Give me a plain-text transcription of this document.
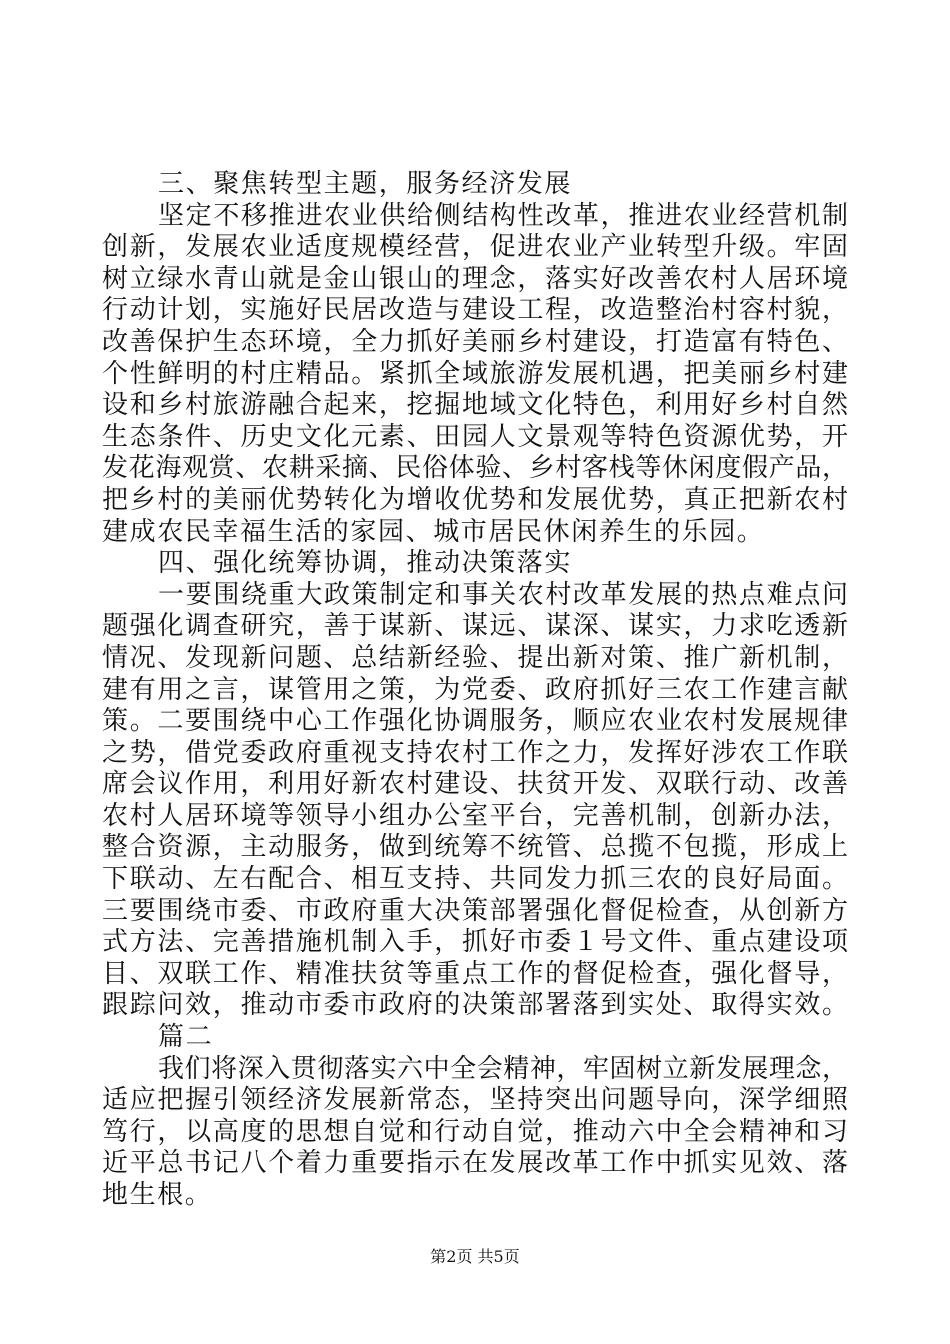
三、聚焦转型主题，服务经济发展
坚定不移推进农业供给侧结构性改革，推进农业经营机制
创新，发展农业适度规模经营，促进农业产业转型升级。牢固
树立绿水青山就是金山银山的理念，落实好改善农村人居环境
行动计划，实施好民居改造与建设工程，改造整治村容村貌，
改善保护生态环境，全力抓好美丽乡村建设，打造富有特色、
个性鲜明的村庄精品。紧抓全域旅游发展机遇，把美丽乡村建
设和乡村旅游融合起来，挖掘地域文化特色，利用好乡村自然
生态条件、历史文化元素、田园人文景观等特色资源优势，开
发花海观赏、农耕采摘、民俗体验、乡村客栈等休闲度假产品，
把乡村的美丽优势转化为增收优势和发展优势，真正把新农村
建成农民幸福生活的家园、城市居民休闲养生的乐园。
四、强化统筹协调，推动决策落实
一要围绕重大政策制定和事关农村改革发展的热点难点问
题强化调查研究，善于谋新、谋远、谋深、谋实，力求吃透新
情况、发现新问题、总结新经验、提出新对策、推广新机制，
建有用之言，谋管用之策，为党委、政府抓好三农工作建言献
策。二要围绕中心工作强化协调服务，顺应农业农村发展规律
之势，借党委政府重视支持农村工作之力，发挥好涉农工作联
席会议作用，利用好新农村建设、扶贫开发、双联行动、改善
农村人居环境等领导小组办公室平台，完善机制，创新办法，
整合资源，主动服务，做到统筹不统管、总揽不包揽，形成上
下联动、左右配合、相互支持、共同发力抓三农的良好局面。
三要围绕市委、市政府重大决策部署强化督促检查，从创新方
式方法、完善措施机制入手，抓好市委１号文件、重点建设项
目、双联工作、精准扶贫等重点工作的督促检查，强化督导，
跟踪问效，推动市委市政府的决策部署落到实处、取得实效。
篇二
我们将深入贯彻落实六中全会精神，牢固树立新发展理念，
适应把握引领经济发展新常态，坚持突出问题导向，深学细照
笃行，以高度的思想自觉和行动自觉，推动六中全会精神和习
近平总书记八个着力重要指示在发展改革工作中抓实见效、落
地生根。
第2页 共5页
